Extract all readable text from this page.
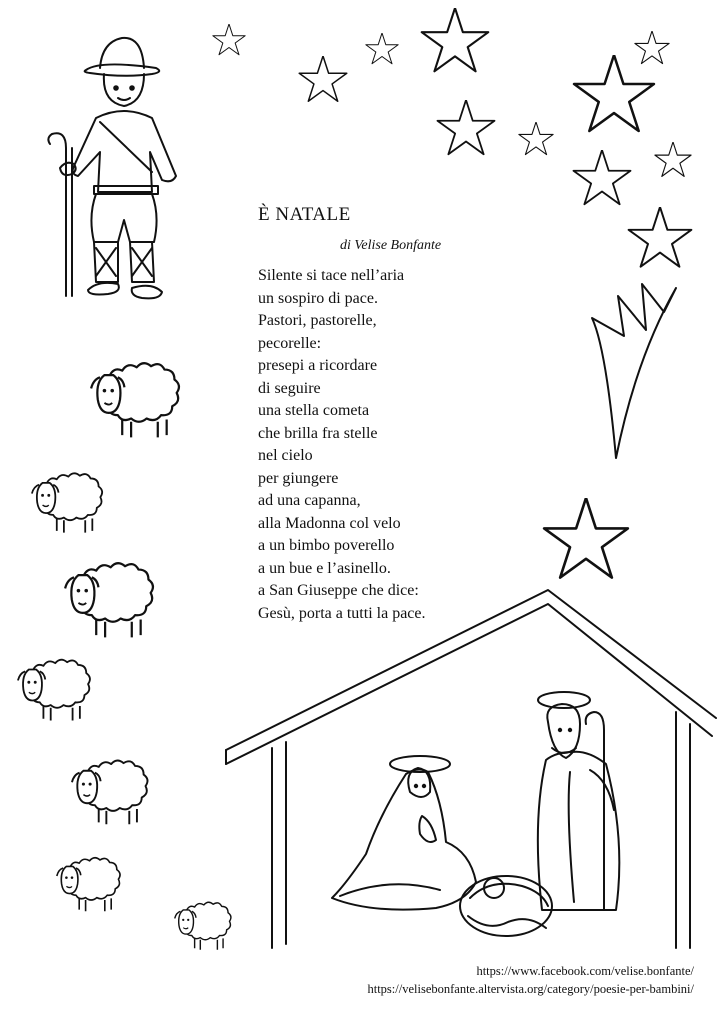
È NATALE
di Velise Bonfante
Silente si tace nell’aria
un sospiro di pace.
Pastori, pastorelle,
pecorelle:
presepi a ricordare
di seguire
una stella cometa
che brilla fra stelle
nel cielo
per giungere
ad una capanna,
alla Madonna col velo
a un bimbo poverello
a un bue e l’asinello.
a San Giuseppe che dice:
Gesù, porta a tutti la pace.
https://www.facebook.com/velise.bonfante/
https://velisebonfante.altervista.org/category/poesie-per-bambini/
